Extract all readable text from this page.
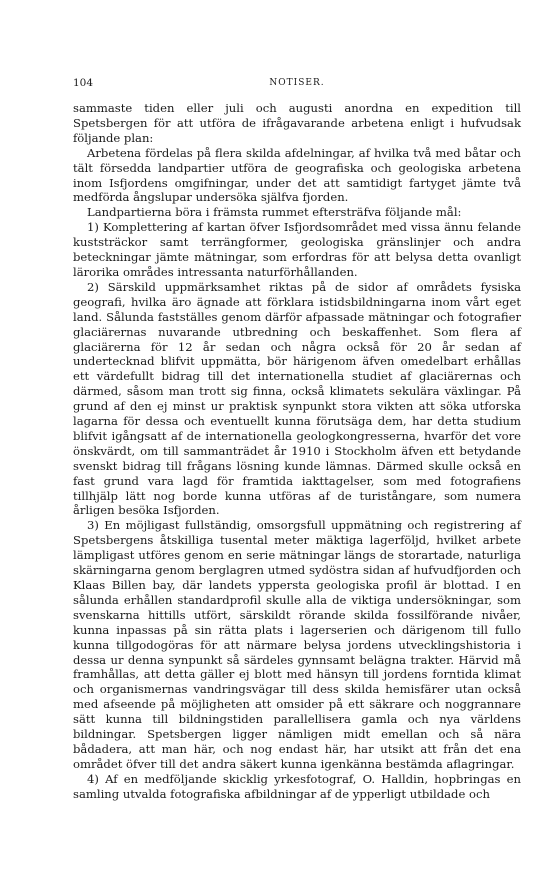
104	NOTISER.

sammaste tiden eller juli och augusti anordna en expedition till Spetsbergen för att utföra de ifrågavarande arbetena enligt i hufvudsak följande plan:

Arbetena fördelas på flera skilda afdelningar, af hvilka två med båtar och tält försedda landpartier utföra de geografiska och geologiska arbetena inom Isfjordens omgifningar, under det att samtidigt fartyget jämte två medförda ångslupar undersöka själfva fjorden.

Landpartierna böra i främsta rummet eftersträfva följande mål:

1) Komplettering af kartan öfver Isfjordsområdet med vissa ännu felande kuststräckor samt terrängformer, geologiska gränslinjer och andra beteckningar jämte mätningar, som erfordras för att belysa detta ovanligt lärorika områdes intressanta naturförhållanden.

2) Särskild uppmärksamhet riktas på de sidor af områdets fysiska geografi, hvilka äro ägnade att förklara istidsbildningarna inom vårt eget land. Sålunda fastställes genom därför afpassade mätningar och fotografier glaciärernas nuvarande utbredning och beskaffenhet. Som flera af glaciärerna för 12 år sedan och några också för 20 år sedan af undertecknad blifvit uppmätta, bör härigenom äfven omedelbart erhållas ett värdefullt bidrag till det internationella studiet af glaciärernas och därmed, såsom man trott sig finna, också klimatets sekulära växlingar. På grund af den ej minst ur praktisk synpunkt stora vikten att söka utforska lagarna för dessa och eventuellt kunna förutsäga dem, har detta studium blifvit igångsatt af de internationella geologkongresserna, hvarför det vore önskvärdt, om till sammanträdet år 1910 i Stockholm äfven ett betydande svenskt bidrag till frågans lösning kunde lämnas. Därmed skulle också en fast grund vara lagd för framtida iakttagelser, som med fotografiens tillhjälp lätt nog borde kunna utföras af de turistångare, som numera årligen besöka Isfjorden.

3) En möjligast fullständig, omsorgsfull uppmätning och registrering af Spetsbergens åtskilliga tusental meter mäktiga lagerföljd, hvilket arbete lämpligast utföres genom en serie mätningar längs de storartade, naturliga skärningarna genom berglagren utmed sydöstra sidan af hufvudfjorden och Klaas Billen bay, där landets yppersta geologiska profil är blottad. I en sålunda erhållen standardprofil skulle alla de viktiga undersökningar, som svenskarna hittills utfört, särskildt rörande skilda fossilförande nivåer, kunna inpassas på sin rätta plats i lagerserien och därigenom till fullo kunna tillgodogöras för att närmare belysa jordens utvecklingshistoria i dessa ur denna synpunkt så särdeles gynnsamt belägna trakter. Härvid må framhållas, att detta gäller ej blott med hänsyn till jordens forntida klimat och organismernas vandringsvägar till dess skilda hemisfärer utan också med afseende på möjligheten att omsider på ett säkrare och noggrannare sätt kunna till bildningstiden parallellisera gamla och nya världens bildningar. Spetsbergen ligger nämligen midt emellan och så nära bådadera, att man här, och nog endast här, har utsikt att från det ena området öfver till det andra säkert kunna igenkänna bestämda aflagringar.

4) Af en medföljande skicklig yrkesfotograf, O. Halldin, hopbringas en samling utvalda fotografiska afbildningar af de ypperligt utbildade och
